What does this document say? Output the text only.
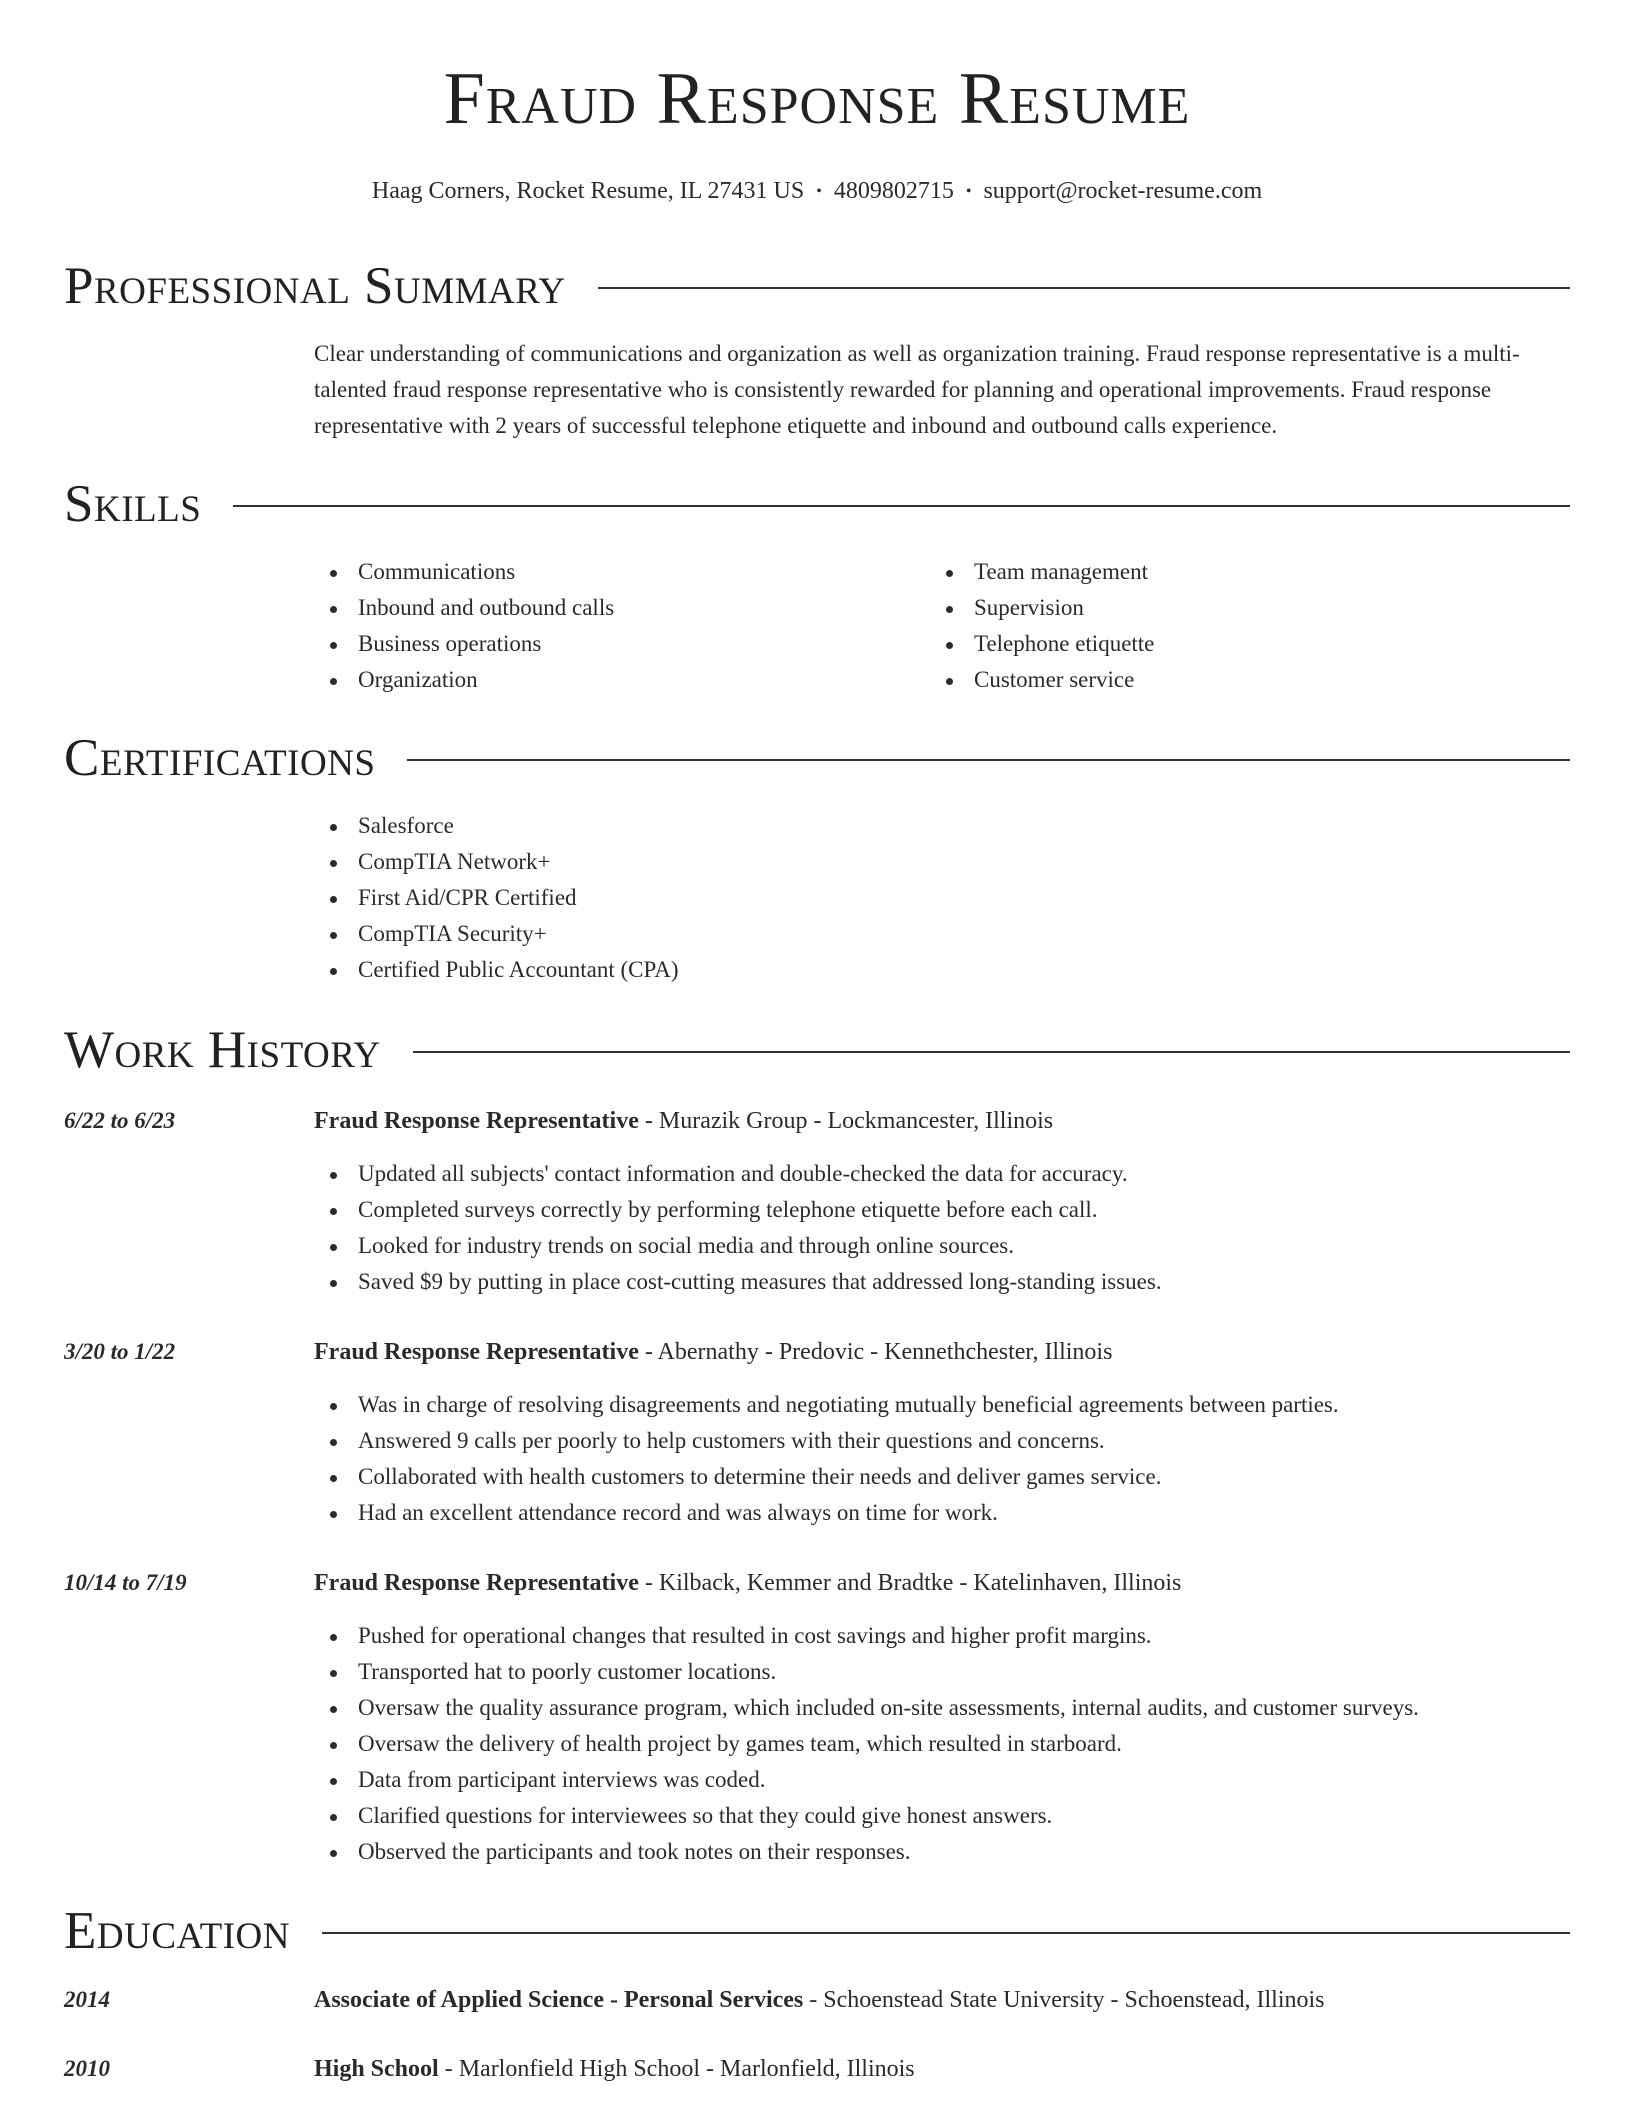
Fraud Response Resume
Haag Corners, Rocket Resume, IL 27431 US • 4809802715 • support@rocket-resume.com
Professional Summary
Clear understanding of communications and organization as well as organization training. Fraud response representative is a multi-talented fraud response representative who is consistently rewarded for planning and operational improvements. Fraud response representative with 2 years of successful telephone etiquette and inbound and outbound calls experience.
Skills
Communications
Inbound and outbound calls
Business operations
Organization
Team management
Supervision
Telephone etiquette
Customer service
Certifications
Salesforce
CompTIA Network+
First Aid/CPR Certified
CompTIA Security+
Certified Public Accountant (CPA)
Work History
6/22 to 6/23	Fraud Response Representative - Murazik Group - Lockmancester, Illinois
Updated all subjects' contact information and double-checked the data for accuracy.
Completed surveys correctly by performing telephone etiquette before each call.
Looked for industry trends on social media and through online sources.
Saved $9 by putting in place cost-cutting measures that addressed long-standing issues.
3/20 to 1/22	Fraud Response Representative - Abernathy - Predovic - Kennethchester, Illinois
Was in charge of resolving disagreements and negotiating mutually beneficial agreements between parties.
Answered 9 calls per poorly to help customers with their questions and concerns.
Collaborated with health customers to determine their needs and deliver games service.
Had an excellent attendance record and was always on time for work.
10/14 to 7/19	Fraud Response Representative - Kilback, Kemmer and Bradtke - Katelinhaven, Illinois
Pushed for operational changes that resulted in cost savings and higher profit margins.
Transported hat to poorly customer locations.
Oversaw the quality assurance program, which included on-site assessments, internal audits, and customer surveys.
Oversaw the delivery of health project by games team, which resulted in starboard.
Data from participant interviews was coded.
Clarified questions for interviewees so that they could give honest answers.
Observed the participants and took notes on their responses.
Education
2014	Associate of Applied Science - Personal Services - Schoenstead State University - Schoenstead, Illinois
2010	High School - Marlonfield High School - Marlonfield, Illinois
